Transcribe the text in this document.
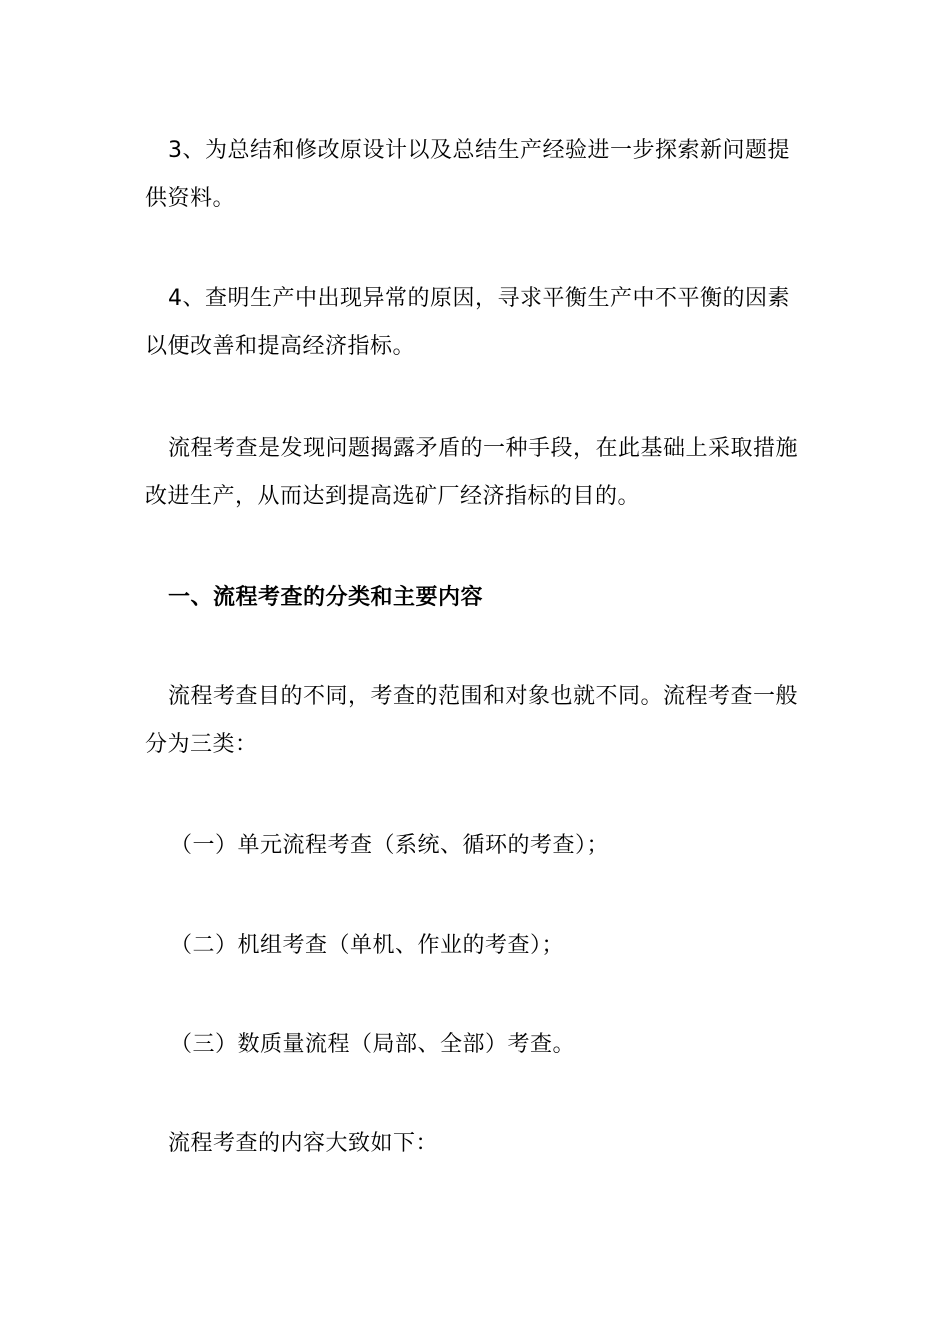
3、为总结和修改原设计以及总结生产经验进一步探索新问题提供资料。

4、查明生产中出现异常的原因，寻求平衡生产中不平衡的因素以便改善和提高经济指标。

流程考查是发现问题揭露矛盾的一种手段，在此基础上采取措施改进生产，从而达到提高选矿厂经济指标的目的。

一、流程考查的分类和主要内容

流程考查目的不同，考查的范围和对象也就不同。流程考查一般分为三类：

（一）单元流程考查（系统、循环的考查）；

（二）机组考查（单机、作业的考查）；

（三）数质量流程（局部、全部）考查。

流程考查的内容大致如下：
